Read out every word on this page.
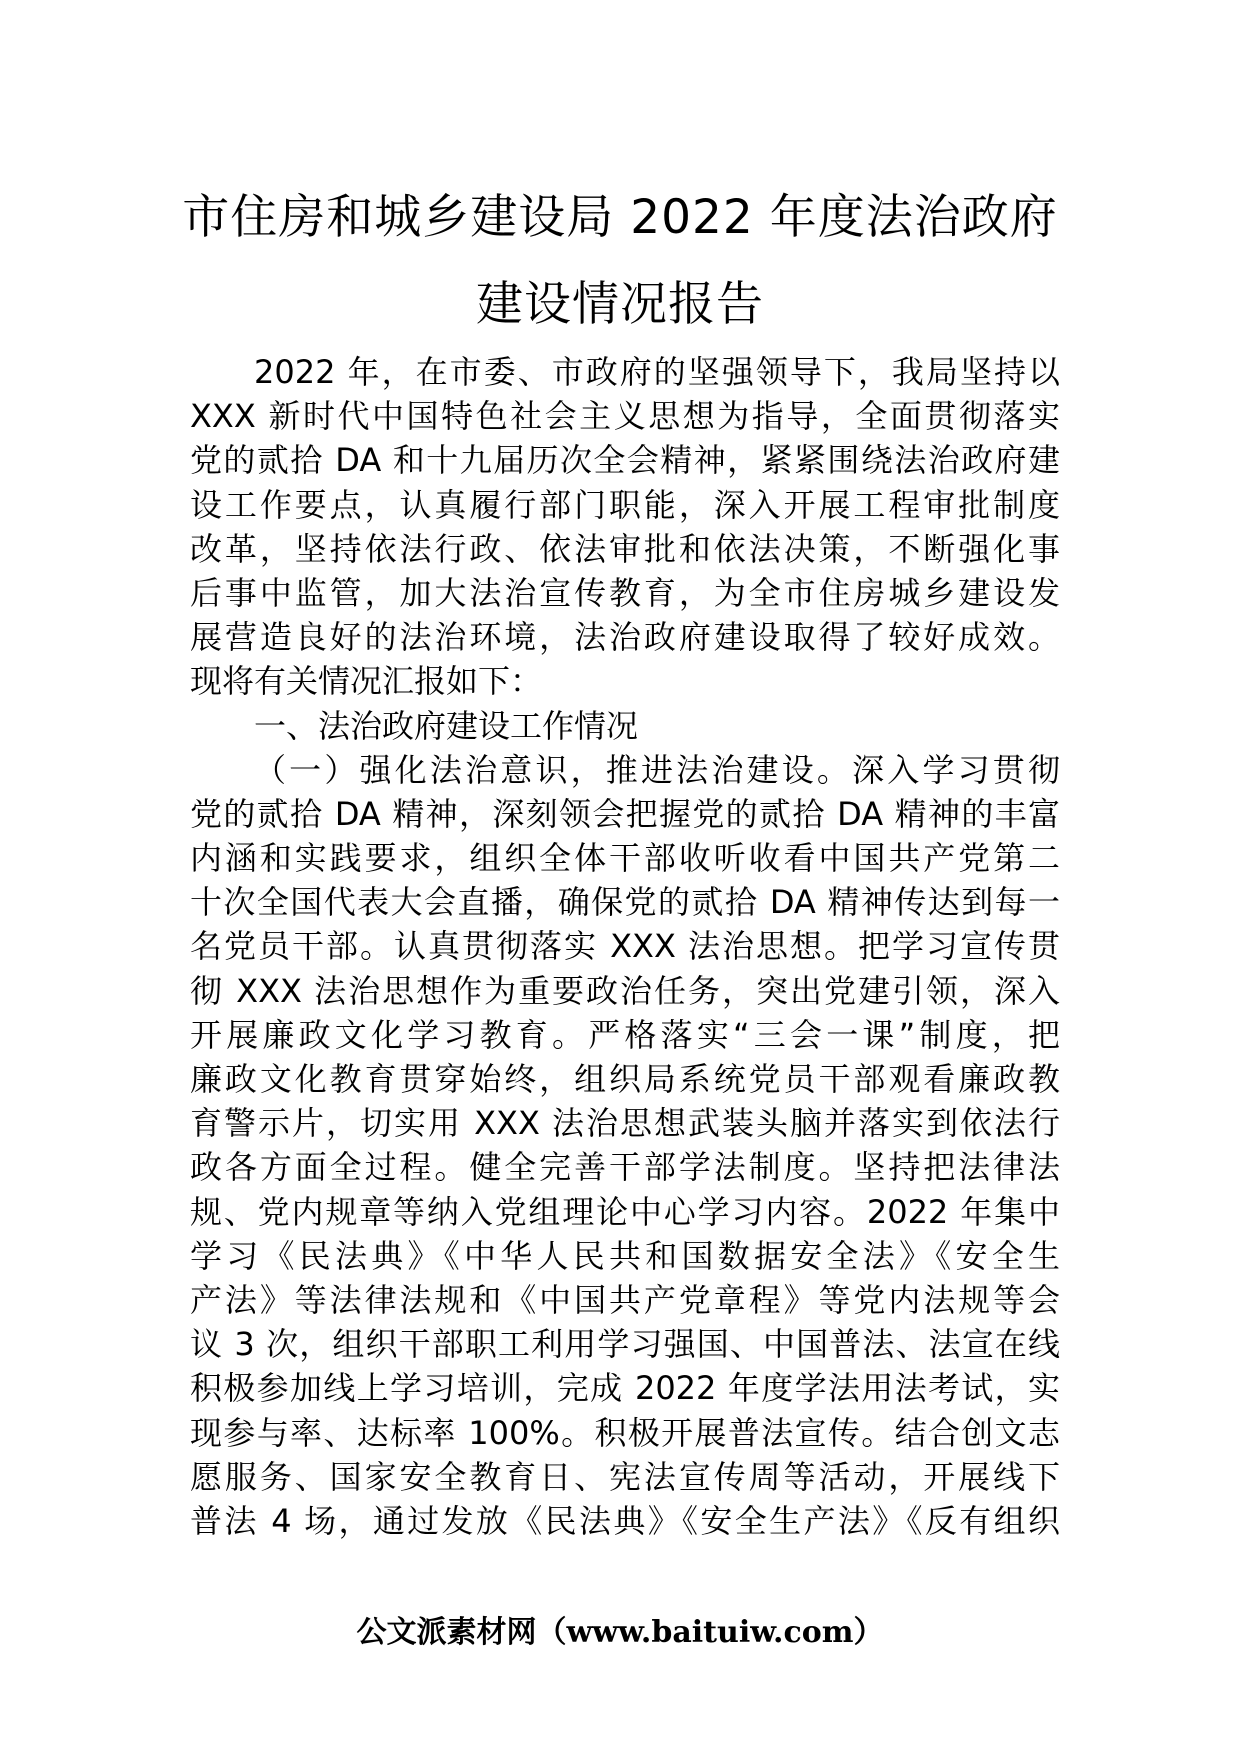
市住房和城乡建设局 2022 年度法治政府
建设情况报告
2022 年，在市委、市政府的坚强领导下，我局坚持以
XXX 新时代中国特色社会主义思想为指导，全面贯彻落实
党的贰拾 DA 和十九届历次全会精神，紧紧围绕法治政府建
设工作要点，认真履行部门职能，深入开展工程审批制度
改革，坚持依法行政、依法审批和依法决策，不断强化事
后事中监管，加大法治宣传教育，为全市住房城乡建设发
展营造良好的法治环境，法治政府建设取得了较好成效。
现将有关情况汇报如下：
一、法治政府建设工作情况
（一）强化法治意识，推进法治建设。深入学习贯彻
党的贰拾 DA 精神，深刻领会把握党的贰拾 DA 精神的丰富
内涵和实践要求，组织全体干部收听收看中国共产党第二
十次全国代表大会直播，确保党的贰拾 DA 精神传达到每一
名党员干部。认真贯彻落实 XXX 法治思想。把学习宣传贯
彻 XXX 法治思想作为重要政治任务，突出党建引领，深入
开展廉政文化学习教育。严格落实“三会一课”制度，把
廉政文化教育贯穿始终，组织局系统党员干部观看廉政教
育警示片，切实用 XXX 法治思想武装头脑并落实到依法行
政各方面全过程。健全完善干部学法制度。坚持把法律法
规、党内规章等纳入党组理论中心学习内容。2022 年集中
学习《民法典》《中华人民共和国数据安全法》《安全生
产法》等法律法规和《中国共产党章程》等党内法规等会
议 3 次，组织干部职工利用学习强国、中国普法、法宣在线
积极参加线上学习培训，完成 2022 年度学法用法考试，实
现参与率、达标率 100%。积极开展普法宣传。结合创文志
愿服务、国家安全教育日、宪法宣传周等活动，开展线下
普法 4 场，通过发放《民法典》《安全生产法》《反有组织
公文派素材网（www.baituiw.com）
